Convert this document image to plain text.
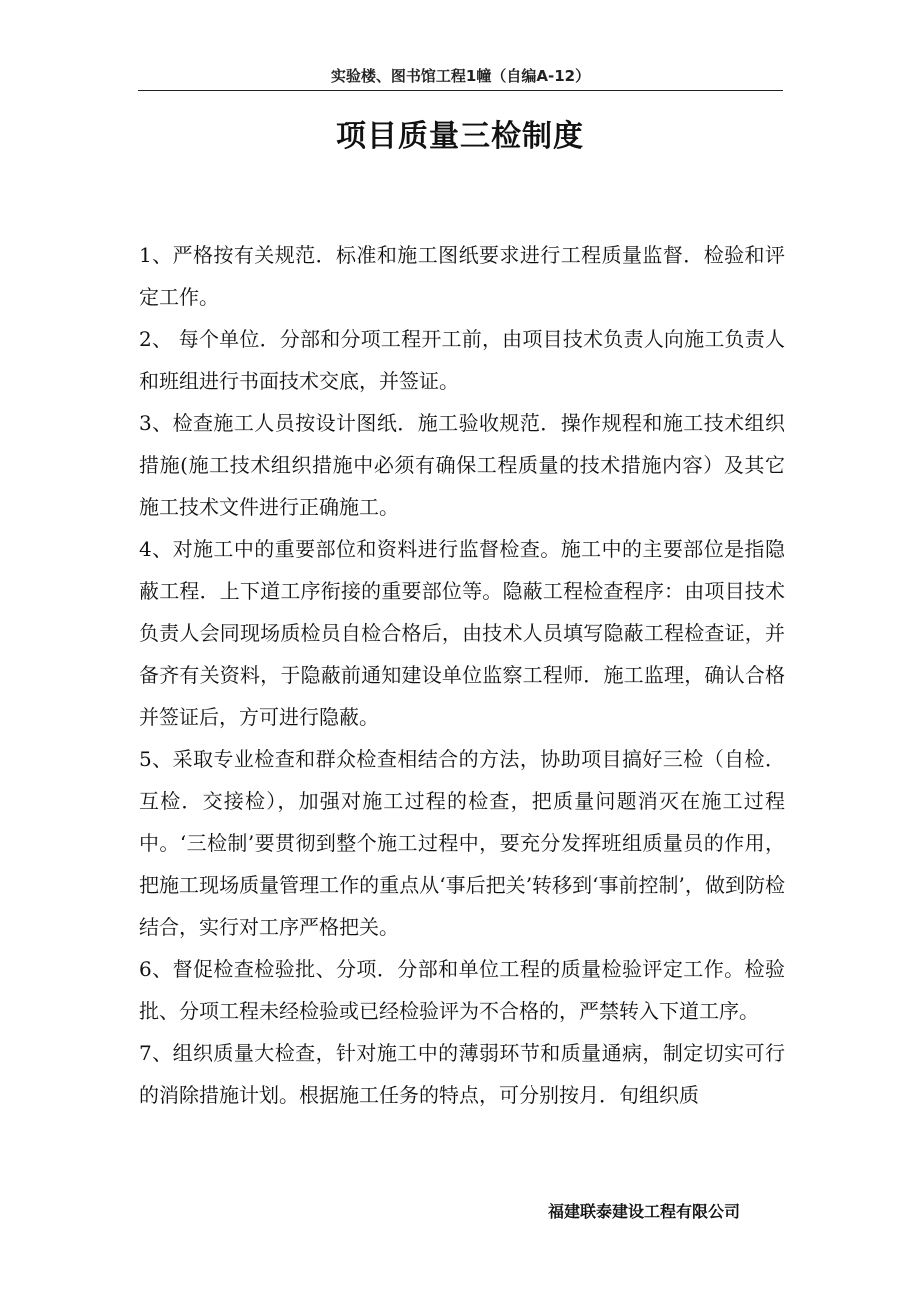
实验楼、图书馆工程1幢（自编A-12）
项目质量三检制度

1、严格按有关规范．标准和施工图纸要求进行工程质量监督．检验和评定工作。

2、 每个单位．分部和分项工程开工前，由项目技术负责人向施工负责人和班组进行书面技术交底，并签证。

3、检查施工人员按设计图纸．施工验收规范．操作规程和施工技术组织措施(施工技术组织措施中必须有确保工程质量的技术措施内容）及其它施工技术文件进行正确施工。

4、对施工中的重要部位和资料进行监督检查。施工中的主要部位是指隐蔽工程．上下道工序衔接的重要部位等。隐蔽工程检查程序：由项目技术负责人会同现场质检员自检合格后，由技术人员填写隐蔽工程检查证，并备齐有关资料，于隐蔽前通知建设单位监察工程师．施工监理，确认合格并签证后，方可进行隐蔽。

5、采取专业检查和群众检查相结合的方法，协助项目搞好三检（自检．互检．交接检），加强对施工过程的检查，把质量问题消灭在施工过程中。‘三检制’要贯彻到整个施工过程中，要充分发挥班组质量员的作用，把施工现场质量管理工作的重点从‘事后把关’转移到‘事前控制’，做到防检结合，实行对工序严格把关。

6、督促检查检验批、分项．分部和单位工程的质量检验评定工作。检验批、分项工程未经检验或已经检验评为不合格的，严禁转入下道工序。

7、组织质量大检查，针对施工中的薄弱环节和质量通病，制定切实可行的消除措施计划。根据施工任务的特点，可分别按月．旬组织质

福建联泰建设工程有限公司
